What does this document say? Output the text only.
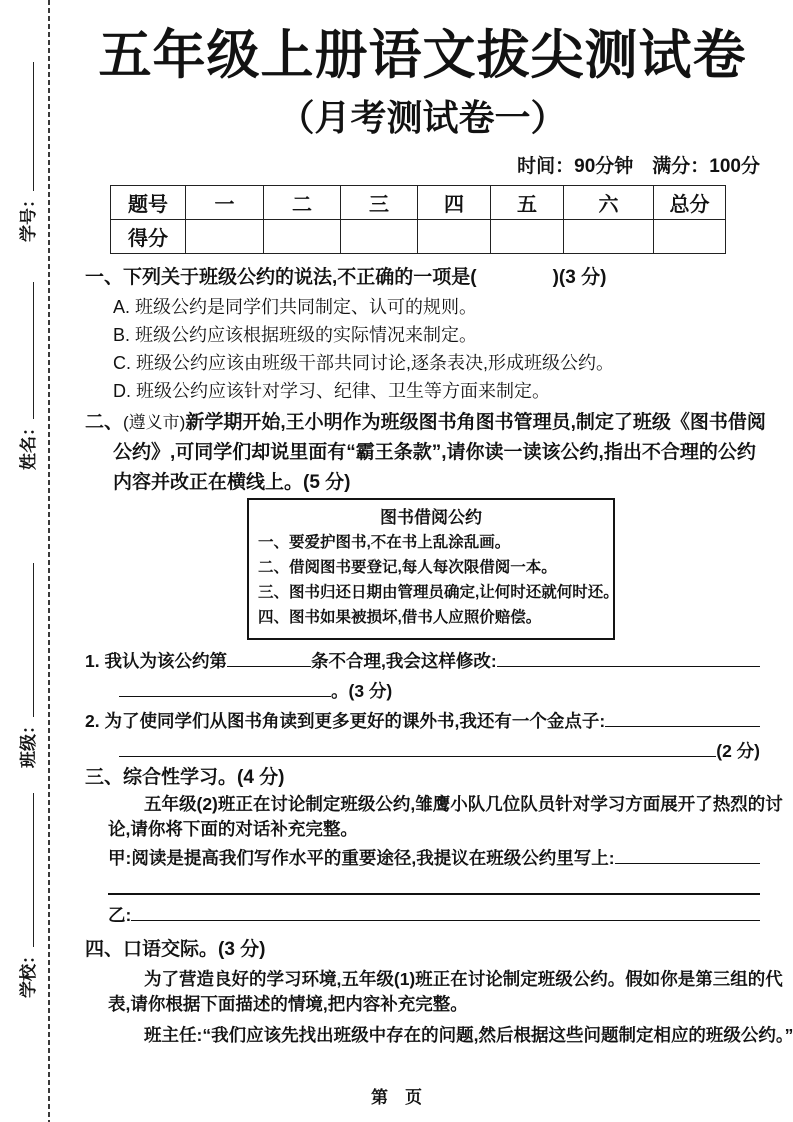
学号：
姓名：
班级：
学校：
五年级上册语文拔尖测试卷
（月考测试卷一）
时间：90分钟　满分：100分
题号	一	二	三	四	五	六	总分
得分							
一、下列关于班级公约的说法,不正确的一项是(　　　　)(3 分)
A. 班级公约是同学们共同制定、认可的规则。
B. 班级公约应该根据班级的实际情况来制定。
C. 班级公约应该由班级干部共同讨论,逐条表决,形成班级公约。
D. 班级公约应该针对学习、纪律、卫生等方面来制定。
二、(遵义市)新学期开始,王小明作为班级图书角图书管理员,制定了班级《图书借阅
公约》,可同学们却说里面有“霸王条款”,请你读一读该公约,指出不合理的公约
内容并改正在横线上。(5 分)
图书借阅公约
一、要爱护图书,不在书上乱涂乱画。
二、借阅图书要登记,每人每次限借阅一本。
三、图书归还日期由管理员确定,让何时还就何时还。
四、图书如果被损坏,借书人应照价赔偿。
1. 我认为该公约第	条不合理,我会这样修改:
。(3 分)
2. 为了使同学们从图书角读到更多更好的课外书,我还有一个金点子:
(2 分)
三、综合性学习。(4 分)
五年级(2)班正在讨论制定班级公约,雏鹰小队几位队员针对学习方面展开了热烈的讨
论,请你将下面的对话补充完整。
甲:阅读是提高我们写作水平的重要途径,我提议在班级公约里写上:
乙:
四、口语交际。(3 分)
为了营造良好的学习环境,五年级(1)班正在讨论制定班级公约。假如你是第三组的代
表,请你根据下面描述的情境,把内容补充完整。
班主任:“我们应该先找出班级中存在的问题,然后根据这些问题制定相应的班级公约。”
第　页
